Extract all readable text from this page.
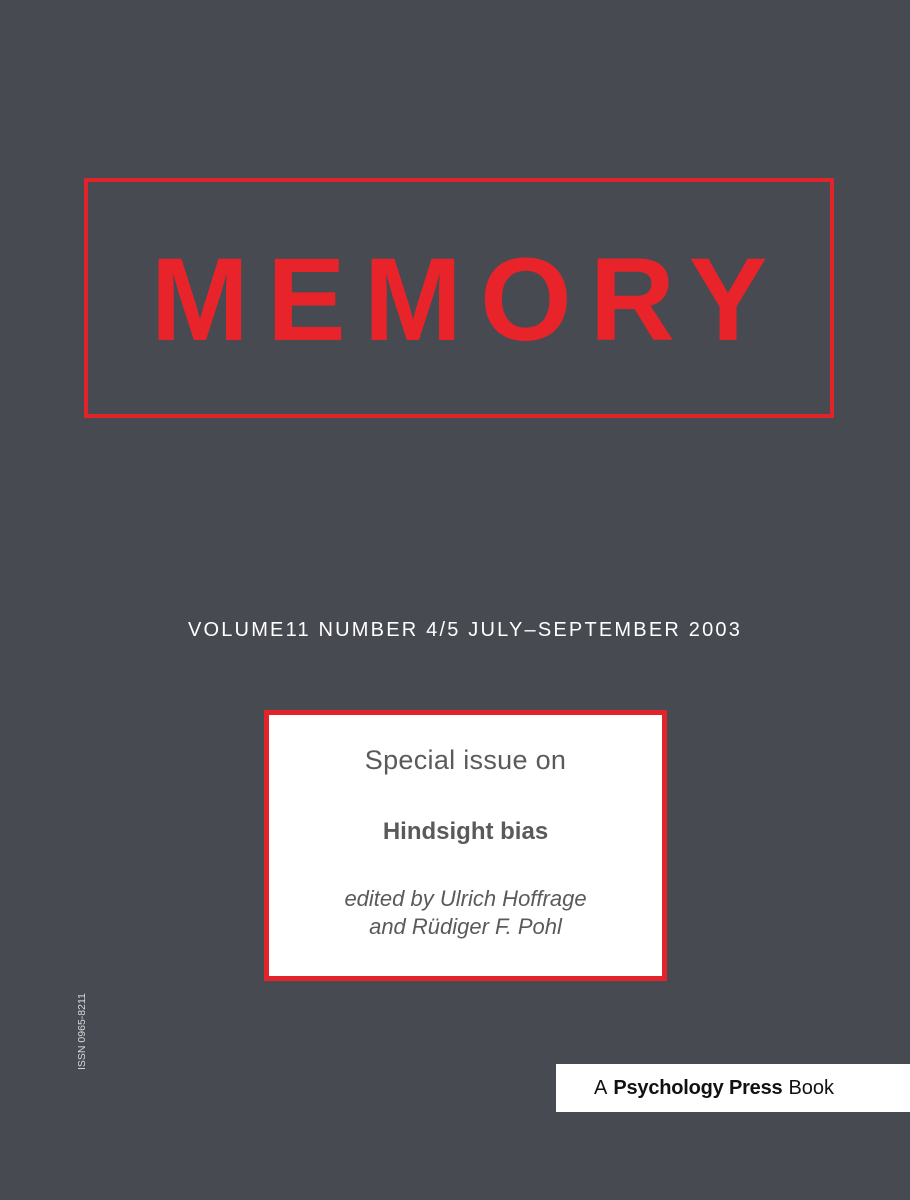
MEMORY
VOLUME11 NUMBER 4/5 JULY–SEPTEMBER 2003
Special issue on
Hindsight bias
edited by Ulrich Hoffrage
and Rüdiger F. Pohl
ISSN 0965-8211
A Psychology Press Book
